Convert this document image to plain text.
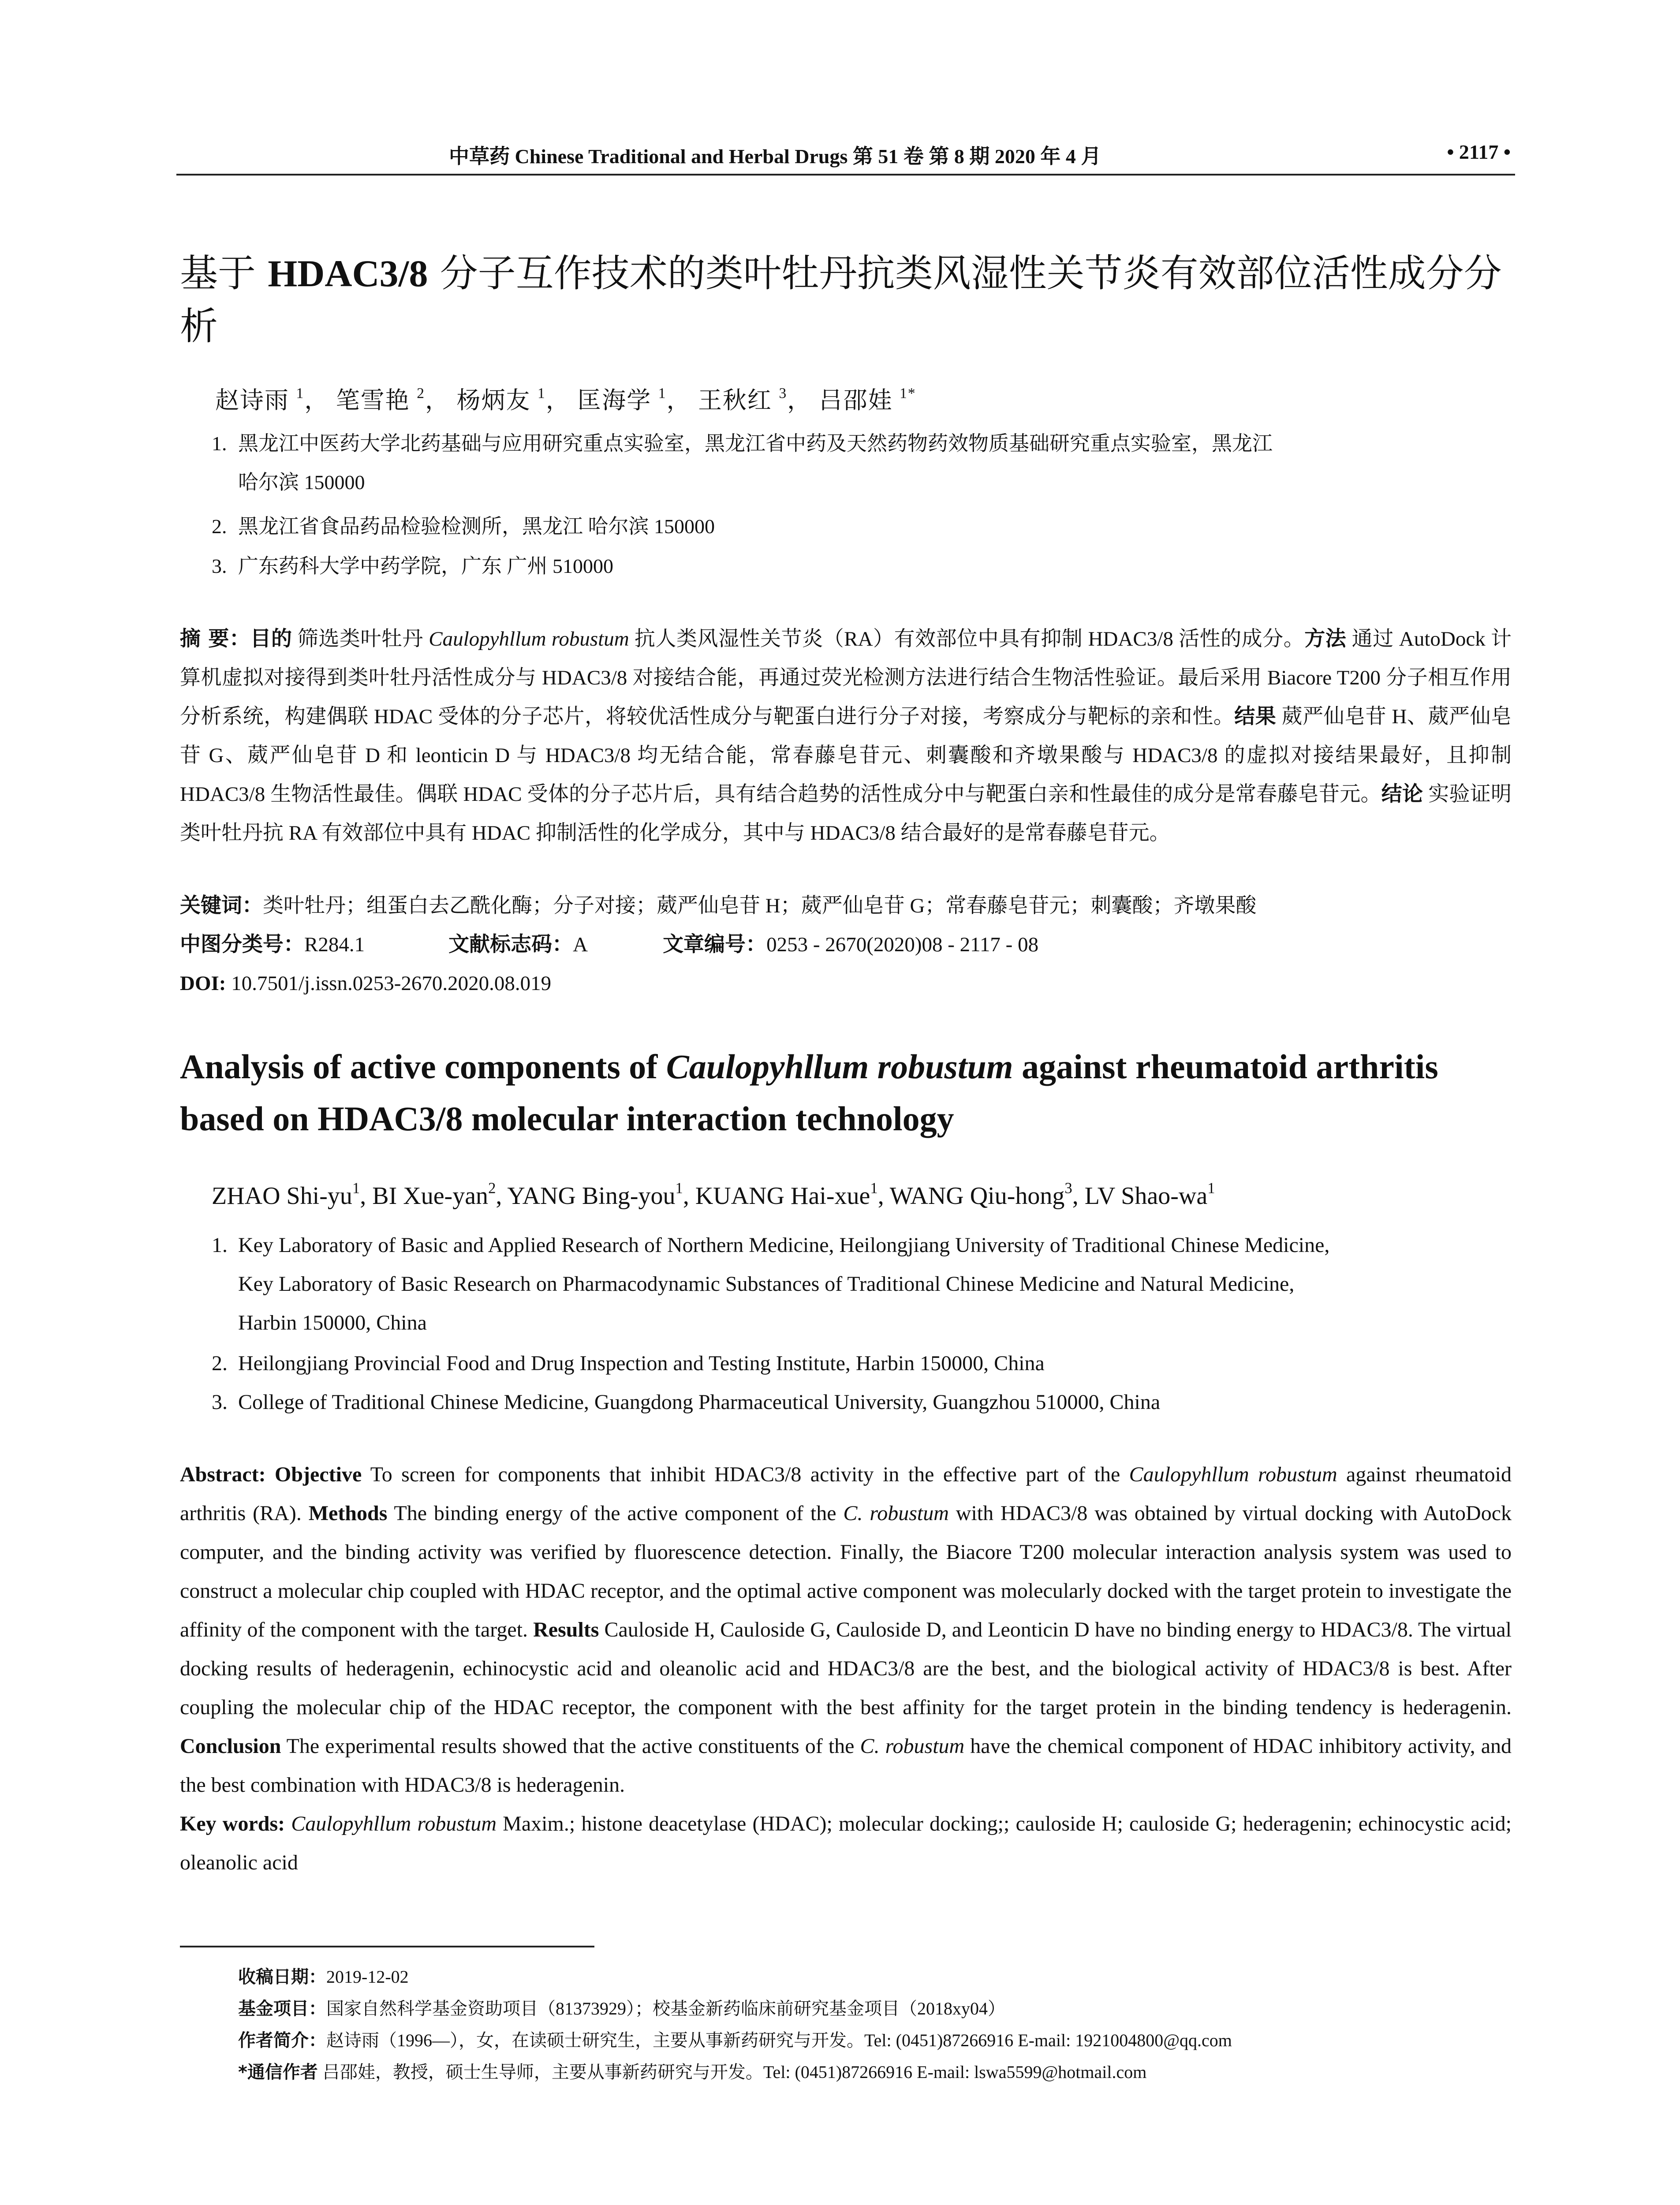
中草药 Chinese Traditional and Herbal Drugs 第 51 卷 第 8 期 2020 年 4 月	• 2117 •
基于 HDAC3/8 分子互作技术的类叶牡丹抗类风湿性关节炎有效部位活性成分分析
赵诗雨 $^1$， 笔雪艳 $^2$， 杨炳友 $^1$， 匡海学 $^1$， 王秋红 $^3$， 吕邵娃 $^{1*}$
1. 黑龙江中医药大学北药基础与应用研究重点实验室，黑龙江省中药及天然药物药效物质基础研究重点实验室，黑龙江
哈尔滨 150000
2. 黑龙江省食品药品检验检测所，黑龙江 哈尔滨 150000
3. 广东药科大学中药学院，广东 广州 510000

摘 要：目的 筛选类叶牡丹 Caulopyhllum robustum 抗人类风湿性关节炎（RA）有效部位中具有抑制 HDAC3/8 活性的成分。方法 通过 AutoDock 计算机虚拟对接得到类叶牡丹活性成分与 HDAC3/8 对接结合能，再通过荧光检测方法进行结合生物活性验证。最后采用 Biacore T200 分子相互作用分析系统，构建偶联 HDAC 受体的分子芯片，将较优活性成分与靶蛋白进行分子对接，考察成分与靶标的亲和性。结果 葳严仙皂苷 H、葳严仙皂苷 G、葳严仙皂苷 D 和 leonticin D 与 HDAC3/8 均无结合能，常春藤皂苷元、刺囊酸和齐墩果酸与 HDAC3/8 的虚拟对接结果最好，且抑制 HDAC3/8 生物活性最佳。偶联 HDAC 受体的分子芯片后，具有结合趋势的活性成分中与靶蛋白亲和性最佳的成分是常春藤皂苷元。结论 实验证明类叶牡丹抗 RA 有效部位中具有 HDAC 抑制活性的化学成分，其中与 HDAC3/8 结合最好的是常春藤皂苷元。

关键词：类叶牡丹；组蛋白去乙酰化酶；分子对接；葳严仙皂苷 H；葳严仙皂苷 G；常春藤皂苷元；刺囊酸；齐墩果酸
中图分类号：R284.1	文献标志码：A	文章编号：0253 - 2670(2020)08 - 2117 - 08
DOI: 10.7501/j.issn.0253-2670.2020.08.019
Analysis of active components of Caulopyhllum robustum against rheumatoid arthritis based on HDAC3/8 molecular interaction technology
ZHAO Shi-$yu^1$, BI Xue-yan$^2$, YANG Bing-you$^1$, KUANG Hai-xue$^1$, WANG Qiu-hong$^3$, LV Shao-$wa^1$
1. Key Laboratory of Basic and Applied Research of Northern Medicine, Heilongjiang University of Traditional Chinese Medicine,
Key Laboratory of Basic Research on Pharmacodynamic Substances of Traditional Chinese Medicine and Natural Medicine,
Harbin 150000, China
2. Heilongjiang Provincial Food and Drug Inspection and Testing Institute, Harbin 150000, China
3. College of Traditional Chinese Medicine, Guangdong Pharmaceutical University, Guangzhou 510000, China
Abstract: Objective To screen for components that inhibit HDAC3/8 activity in the effective part of the Caulopyhllum robustum against rheumatoid arthritis (RA). Methods The binding energy of the active component of the C. robustum with HDAC3/8 was obtained by virtual docking with AutoDock computer, and the binding activity was verified by fluorescence detection. Finally, the Biacore T200 molecular interaction analysis system was used to construct a molecular chip coupled with HDAC receptor, and the optimal active component was molecularly docked with the target protein to investigate the affinity of the component with the target. Results Cauloside H, Cauloside G, Cauloside D, and Leonticin D have no binding energy to HDAC3/8. The virtual docking results of hederagenin, echinocystic acid and oleanolic acid and HDAC3/8 are the best, and the biological activity of HDAC3/8 is best. After coupling the molecular chip of the HDAC receptor, the component with the best affinity for the target protein in the binding tendency is hederagenin. Conclusion The experimental results showed that the active constituents of the C. robustum have the chemical component of HDAC inhibitory activity, and the best combination with HDAC3/8 is hederagenin.
Key words: Caulopyhllum robustum Maxim.; histone deacetylase (HDAC); molecular docking;; cauloside H; cauloside G; hederagenin; echinocystic acid; oleanolic acid
收稿日期：2019-12-02
基金项目：国家自然科学基金资助项目（81373929）；校基金新药临床前研究基金项目（2018xy04）
作者简介：赵诗雨（1996—），女，在读硕士研究生，主要从事新药研究与开发。Tel: (0451)87266916 E-mail: 1921004800@qq.com
*通信作者 吕邵娃，教授，硕士生导师，主要从事新药研究与开发。Tel: (0451)87266916 E-mail: lswa5599@hotmail.com
